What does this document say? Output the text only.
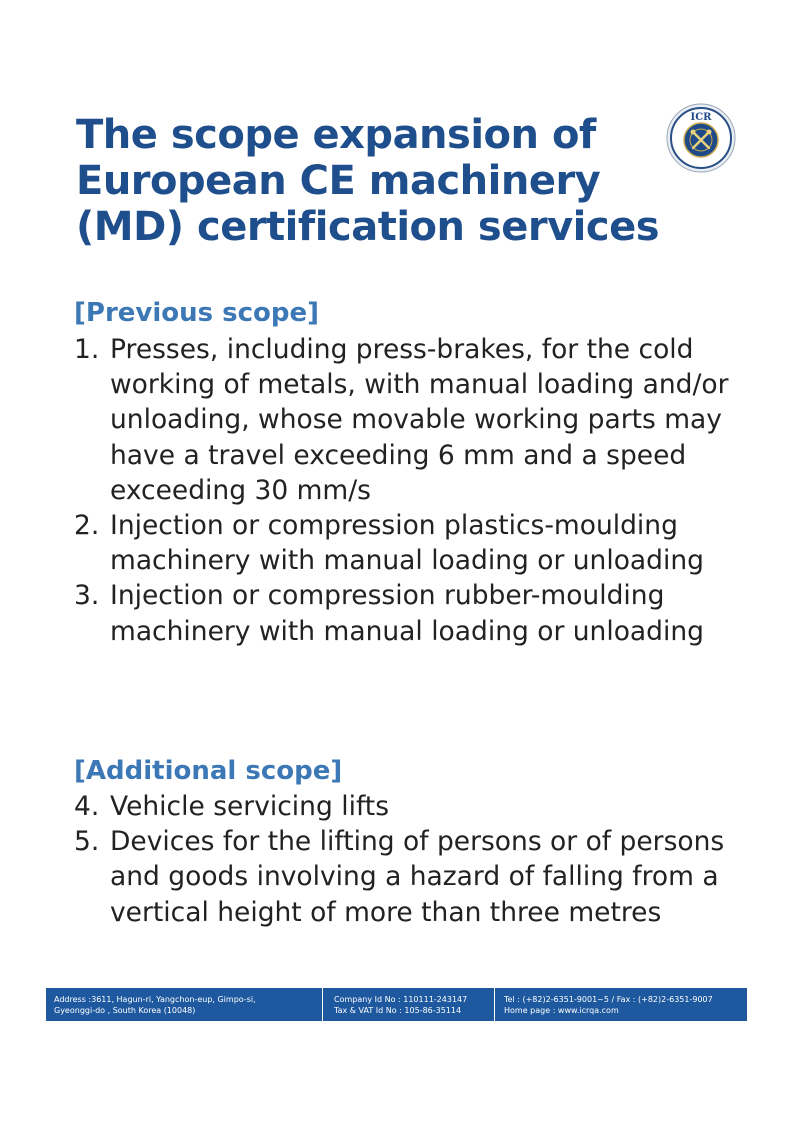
The scope expansion of European CE machinery (MD) certification services
ICR
[Previous scope]
1. Presses, including press-brakes, for the cold working of metals, with manual loading and/or unloading, whose movable working parts may have a travel exceeding 6 mm and a speed exceeding 30 mm/s
2. Injection or compression plastics-moulding machinery with manual loading or unloading
3. Injection or compression rubber-moulding machinery with manual loading or unloading
[Additional scope]
4. Vehicle servicing lifts
5. Devices for the lifting of persons or of persons and goods involving a hazard of falling from a vertical height of more than three metres
Address :3611, Hagun-ri, Yangchon-eup, Gimpo-si,
Gyeonggi-do , South Korea (10048)
Company Id No : 110111-243147
Tax & VAT Id No : 105-86-35114
Tel : (+82)2-6351-9001~5 / Fax : (+82)2-6351-9007
Home page : www.icrqa.com
